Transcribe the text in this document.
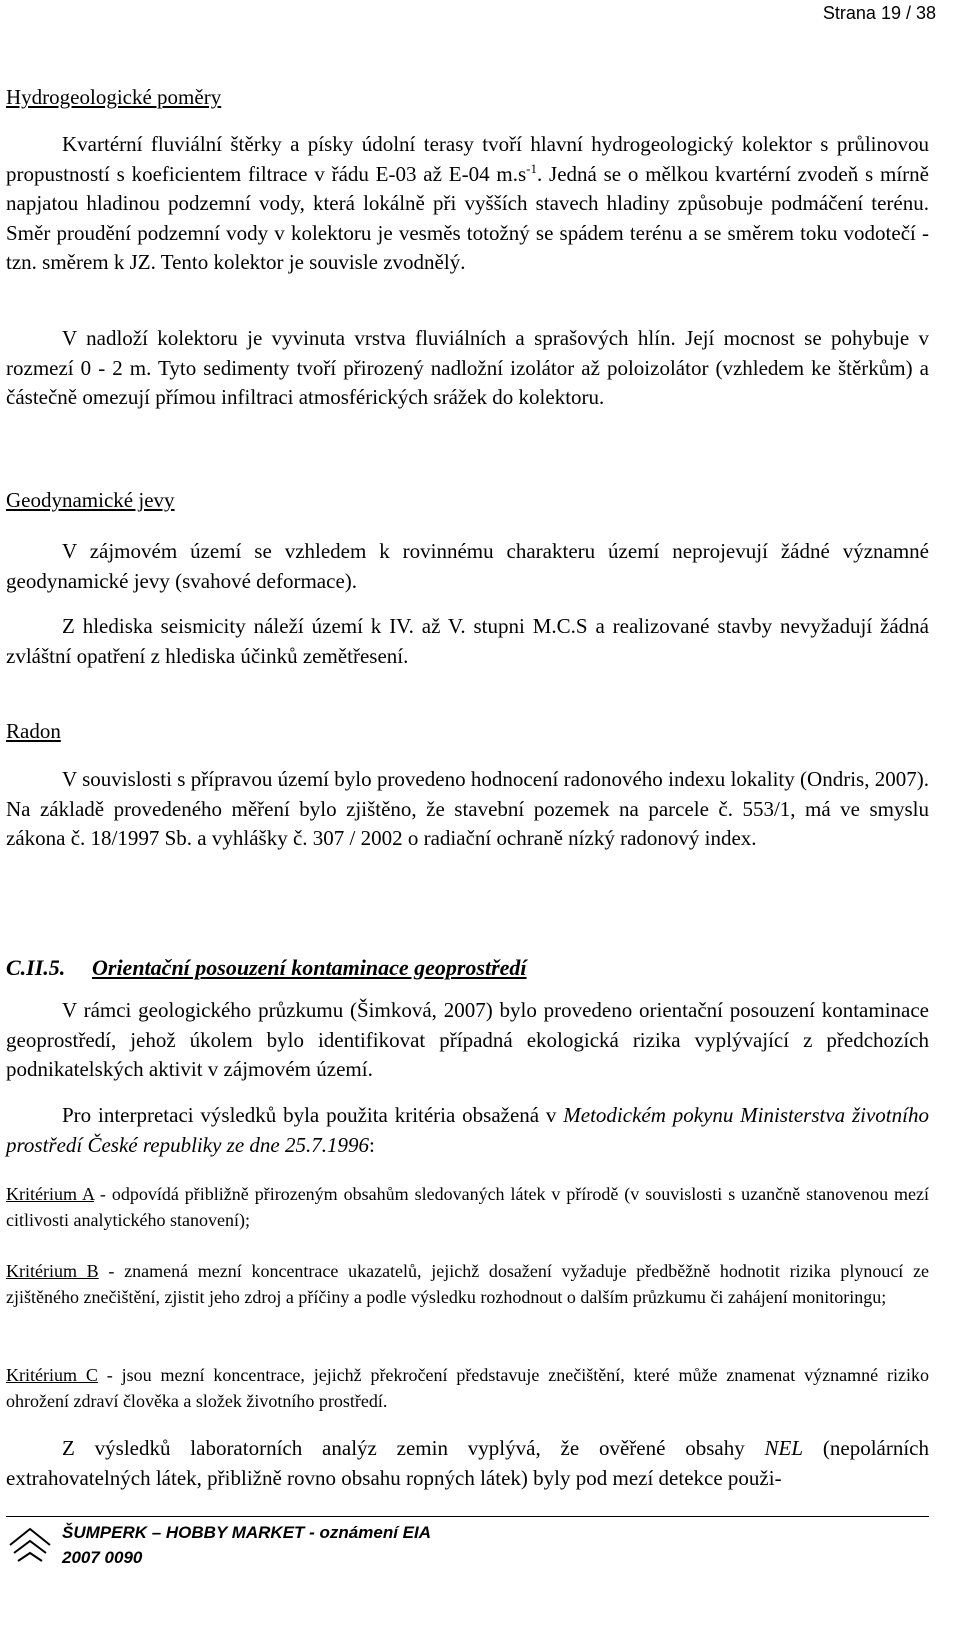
Strana 19 / 38
Hydrogeologické poměry

Kvartérní fluviální štěrky a písky údolní terasy tvoří hlavní hydrogeologický kolektor s průlinovou propustností s koeficientem filtrace v řádu E-03 až E-04 $m.s^{-1}$. Jedná se o mělkou kvartérní zvodeň s mírně napjatou hladinou podzemní vody, která lokálně při vyšších stavech hladiny způsobuje podmáčení terénu. Směr proudění podzemní vody v kolektoru je vesměs totožný se spádem terénu a se směrem toku vodotečí - tzn. směrem k JZ. Tento kolektor je souvisle zvodnělý.

V nadloží kolektoru je vyvinuta vrstva fluviálních a sprašových hlín. Její mocnost se pohybuje v rozmezí 0 - 2 m. Tyto sedimenty tvoří přirozený nadložní izolátor až poloizolátor (vzhledem ke štěrkům) a částečně omezují přímou infiltraci atmosférických srážek do kolektoru.

Geodynamické jevy

V zájmovém území se vzhledem k rovinnému charakteru území neprojevují žádné významné geodynamické jevy (svahové deformace).

Z hlediska seismicity náleží území k IV. až V. stupni M.C.S a realizované stavby nevyžadují žádná zvláštní opatření z hlediska účinků zemětřesení.

Radon

V souvislosti s přípravou území bylo provedeno hodnocení radonového indexu lokality (Ondris, 2007). Na základě provedeného měření bylo zjištěno, že stavební pozemek na parcele č. 553/1, má ve smyslu zákona č. 18/1997 Sb. a vyhlášky č. 307 / 2002 o radiační ochraně nízký radonový index.

C.II.5. Orientační posouzení kontaminace geoprostředí

V rámci geologického průzkumu (Šimková, 2007) bylo provedeno orientační posouzení kontaminace geoprostředí, jehož úkolem bylo identifikovat případná ekologická rizika vyplývající z předchozích podnikatelských aktivit v zájmovém území.

Pro interpretaci výsledků byla použita kritéria obsažená v Metodickém pokynu Ministerstva životního prostředí České republiky ze dne 25.7.1996:

Kritérium A - odpovídá přibližně přirozeným obsahům sledovaných látek v přírodě (v souvislosti s uzančně stanovenou mezí citlivosti analytického stanovení);

Kritérium B - znamená mezní koncentrace ukazatelů, jejichž dosažení vyžaduje předběžně hodnotit rizika plynoucí ze zjištěného znečištění, zjistit jeho zdroj a příčiny a podle výsledku rozhodnout o dalším průzkumu či zahájení monitoringu;

Kritérium C - jsou mezní koncentrace, jejichž překročení představuje znečištění, které může znamenat významné riziko ohrožení zdraví člověka a složek životního prostředí.

Z výsledků laboratorních analýz zemin vyplývá, že ověřené obsahy NEL (nepolárních extrahovatelných látek, přibližně rovno obsahu ropných látek) byly pod mezí detekce použi-

ŠUMPERK – HOBBY MARKET - oznámení EIA
2007 0090
